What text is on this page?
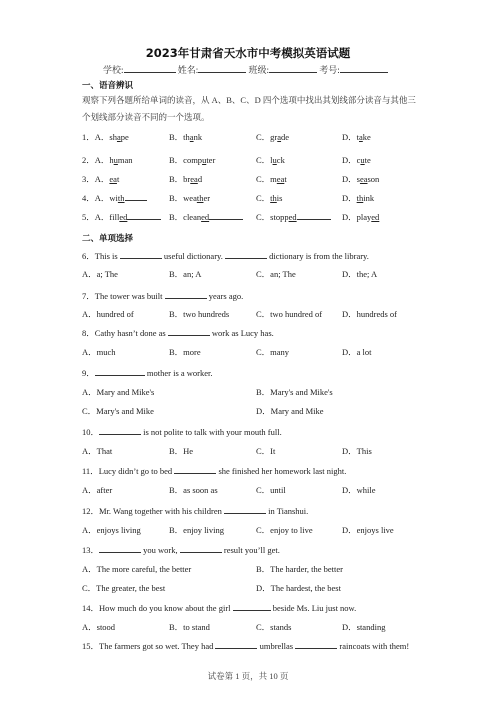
2023年甘肃省天水市中考模拟英语试题
学校:	姓名:	班级:	考号:
一、语音辨识
观察下列各题所给单词的读音，从 A、B、C、D 四个选项中找出其划线部分读音与其他三个划线部分读音不同的一个选项。
1．A．shape	B．thank	C．grade	D．take
2．A．human	B．computer	C．luck	D．cute
3．A．eat	B．bread	C．meat	D．season
4．A．with	B．weather	C．this	D．think
5．A．filled	B．cleaned	C．stopped	D．played
二、单项选择
6．This is	useful dictionary.	dictionary is from the library.
A．a; The	B．an; A	C．an; The	D．the; A
7．The tower was built	years ago.
A．hundred of	B．two hundreds	C．two hundred of D．hundreds of
8．Cathy hasn’t done as	work as Lucy has.
A．much	B．more	C．many	D．a lot
9．	mother is a worker.
A．Mary and Mike's	B．Mary's and Mike's
C．Mary's and Mike	D．Mary and Mike
10．	is not polite to talk with your mouth full.
A．That	B．He	C．It	D．This
11．Lucy didn’t go to bed	she finished her homework last night.
A．after	B．as soon as	C．until	D．while
12．Mr. Wang together with his children	in Tianshui.
A．enjoys living	B．enjoy living	C．enjoy to live	D．enjoys live
13．	you work,	result you’ll get.
A．The more careful, the better	B．The harder, the better
C．The greater, the best	D．The hardest, the best
14．How much do you know about the girl	beside Ms. Liu just now.
A．stood	B．to stand	C．stands	D．standing
15．The farmers got so wet. They had	umbrellas	raincoats with them!
试卷第 1 页，共 10 页
